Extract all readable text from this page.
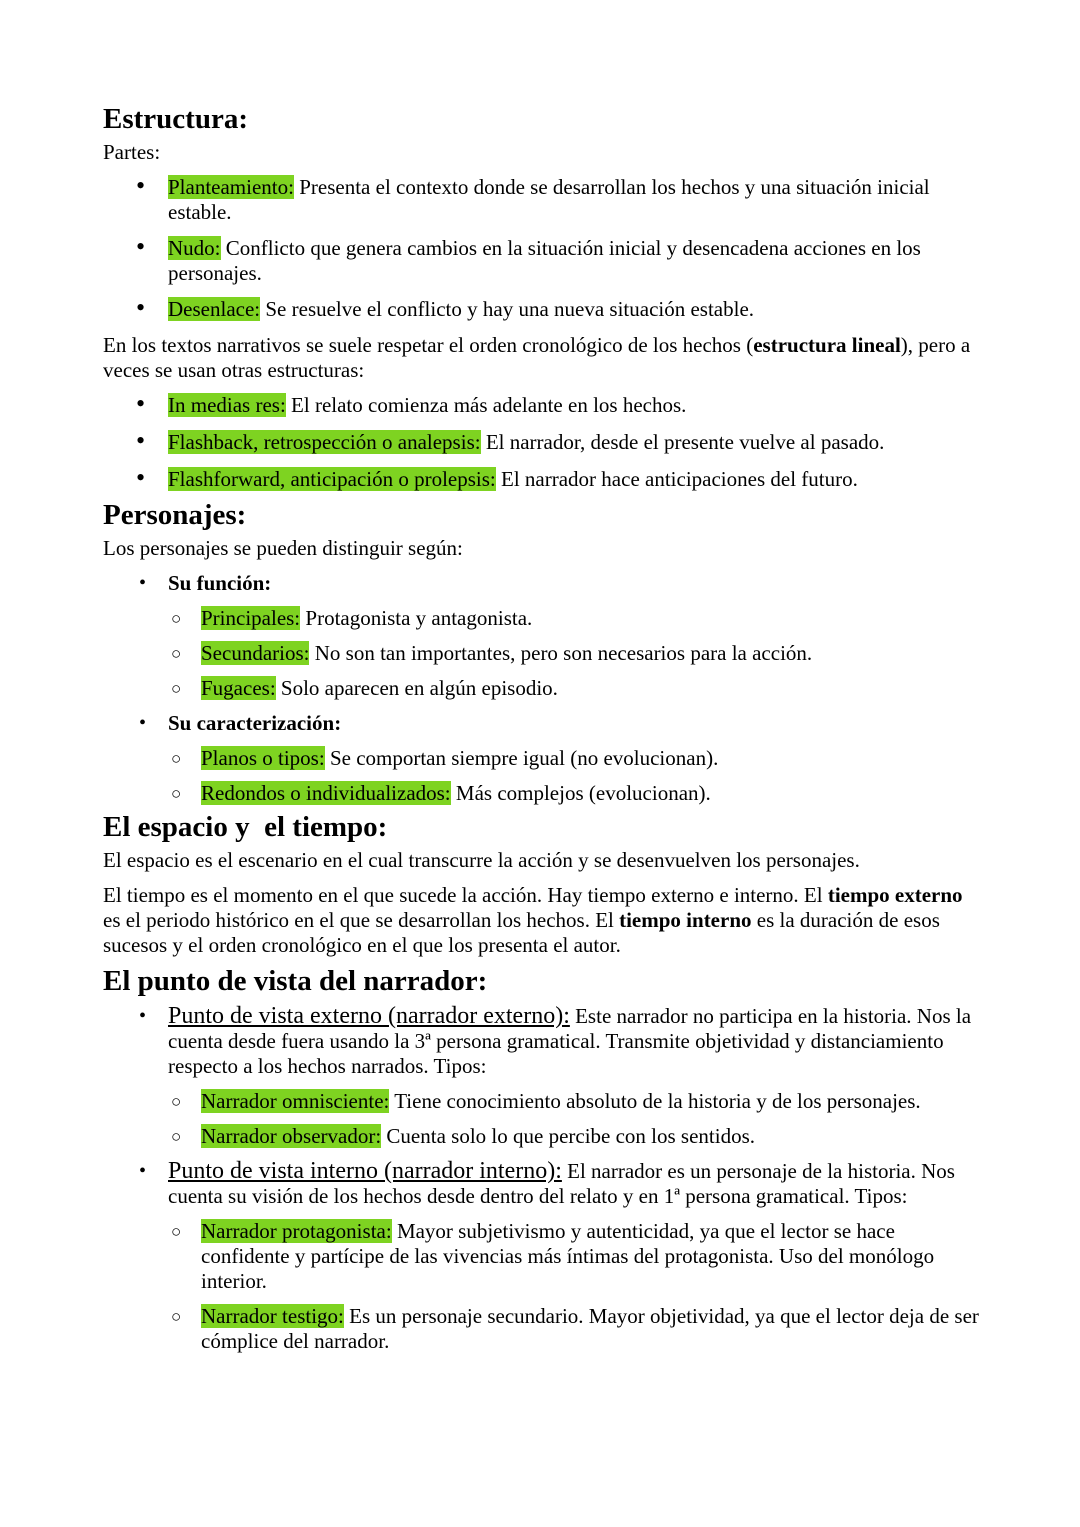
Estructura:

Partes:

• Planteamiento: Presenta el contexto donde se desarrollan los hechos y una situación inicial estable.
• Nudo: Conflicto que genera cambios en la situación inicial y desencadena acciones en los personajes.
• Desenlace: Se resuelve el conflicto y hay una nueva situación estable.

En los textos narrativos se suele respetar el orden cronológico de los hechos (estructura lineal), pero a veces se usan otras estructuras:

• In medias res: El relato comienza más adelante en los hechos.
• Flashback, retrospección o analepsis: El narrador, desde el presente vuelve al pasado.
• Flashforward, anticipación o prolepsis: El narrador hace anticipaciones del futuro.
Personajes:

Los personajes se pueden distinguir según:

• Su función:
○ Principales: Protagonista y antagonista.
○ Secundarios: No son tan importantes, pero son necesarios para la acción.
○ Fugaces: Solo aparecen en algún episodio.
• Su caracterización:
○ Planos o tipos: Se comportan siempre igual (no evolucionan).
○ Redondos o individualizados: Más complejos (evolucionan).
El espacio y  el tiempo:

El espacio es el escenario en el cual transcurre la acción y se desenvuelven los personajes.

El tiempo es el momento en el que sucede la acción. Hay tiempo externo e interno. El tiempo externo es el periodo histórico en el que se desarrollan los hechos. El tiempo interno es la duración de esos sucesos y el orden cronológico en el que los presenta el autor.

El punto de vista del narrador:
• Punto de vista externo (narrador externo): Este narrador no participa en la historia. Nos la cuenta desde fuera usando la 3ª persona gramatical. Transmite objetividad y distanciamiento respecto a los hechos narrados. Tipos:
○ Narrador omnisciente: Tiene conocimiento absoluto de la historia y de los personajes.
○ Narrador observador: Cuenta solo lo que percibe con los sentidos.
• Punto de vista interno (narrador interno): El narrador es un personaje de la historia. Nos cuenta su visión de los hechos desde dentro del relato y en 1ª persona gramatical. Tipos:
○ Narrador protagonista: Mayor subjetivismo y autenticidad, ya que el lector se hace confidente y partícipe de las vivencias más íntimas del protagonista. Uso del monólogo interior.
○ Narrador testigo: Es un personaje secundario. Mayor objetividad, ya que el lector deja de ser cómplice del narrador.
